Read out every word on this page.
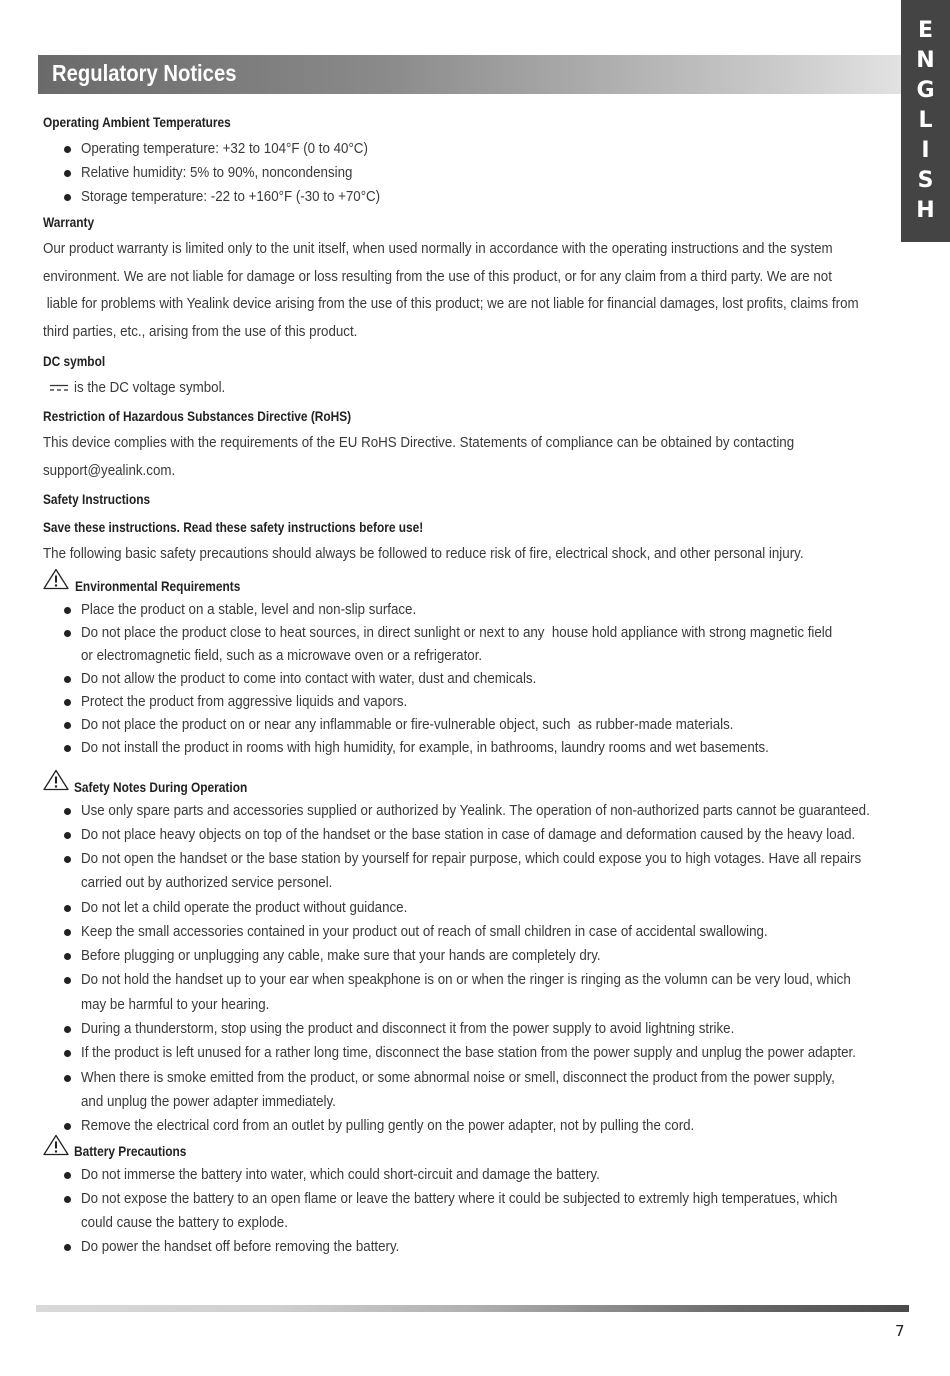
E
N
G
L
I
S
H
Regulatory Notices
Operating Ambient Temperatures
Operating temperature: +32 to 104°F (0 to 40°C)
Relative humidity: 5% to 90%, noncondensing
Storage temperature: -22 to +160°F (-30 to +70°C)
Warranty
Our product warranty is limited only to the unit itself, when used normally in accordance with the operating instructions and the system
environment. We are not liable for damage or loss resulting from the use of this product, or for any claim from a third party. We are not
liable for problems with Yealink device arising from the use of this product; we are not liable for financial damages, lost profits, claims from
third parties, etc., arising from the use of this product.
DC symbol
is the DC voltage symbol.
Restriction of Hazardous Substances Directive (RoHS)
This device complies with the requirements of the EU RoHS Directive. Statements of compliance can be obtained by contacting
support@yealink.com.
Safety Instructions
Save these instructions. Read these safety instructions before use!
The following basic safety precautions should always be followed to reduce risk of fire, electrical shock, and other personal injury.
Environmental Requirements
Place the product on a stable, level and non-slip surface.
Do not place the product close to heat sources, in direct sunlight or next to any  house hold appliance with strong magnetic field
or electromagnetic field, such as a microwave oven or a refrigerator.
Do not allow the product to come into contact with water, dust and chemicals.
Protect the product from aggressive liquids and vapors.
Do not place the product on or near any inflammable or fire-vulnerable object, such  as rubber-made materials.
Do not install the product in rooms with high humidity, for example, in bathrooms, laundry rooms and wet basements.
Safety Notes During Operation
Use only spare parts and accessories supplied or authorized by Yealink. The operation of non-authorized parts cannot be guaranteed.
Do not place heavy objects on top of the handset or the base station in case of damage and deformation caused by the heavy load.
Do not open the handset or the base station by yourself for repair purpose, which could expose you to high votages. Have all repairs
carried out by authorized service personel.
Do not let a child operate the product without guidance.
Keep the small accessories contained in your product out of reach of small children in case of accidental swallowing.
Before plugging or unplugging any cable, make sure that your hands are completely dry.
Do not hold the handset up to your ear when speakphone is on or when the ringer is ringing as the volumn can be very loud, which
may be harmful to your hearing.
During a thunderstorm, stop using the product and disconnect it from the power supply to avoid lightning strike.
If the product is left unused for a rather long time, disconnect the base station from the power supply and unplug the power adapter.
When there is smoke emitted from the product, or some abnormal noise or smell, disconnect the product from the power supply,
and unplug the power adapter immediately.
Remove the electrical cord from an outlet by pulling gently on the power adapter, not by pulling the cord.
Battery Precautions
Do not immerse the battery into water, which could short-circuit and damage the battery.
Do not expose the battery to an open flame or leave the battery where it could be subjected to extremly high temperatues, which
could cause the battery to explode.
Do power the handset off before removing the battery.
7
